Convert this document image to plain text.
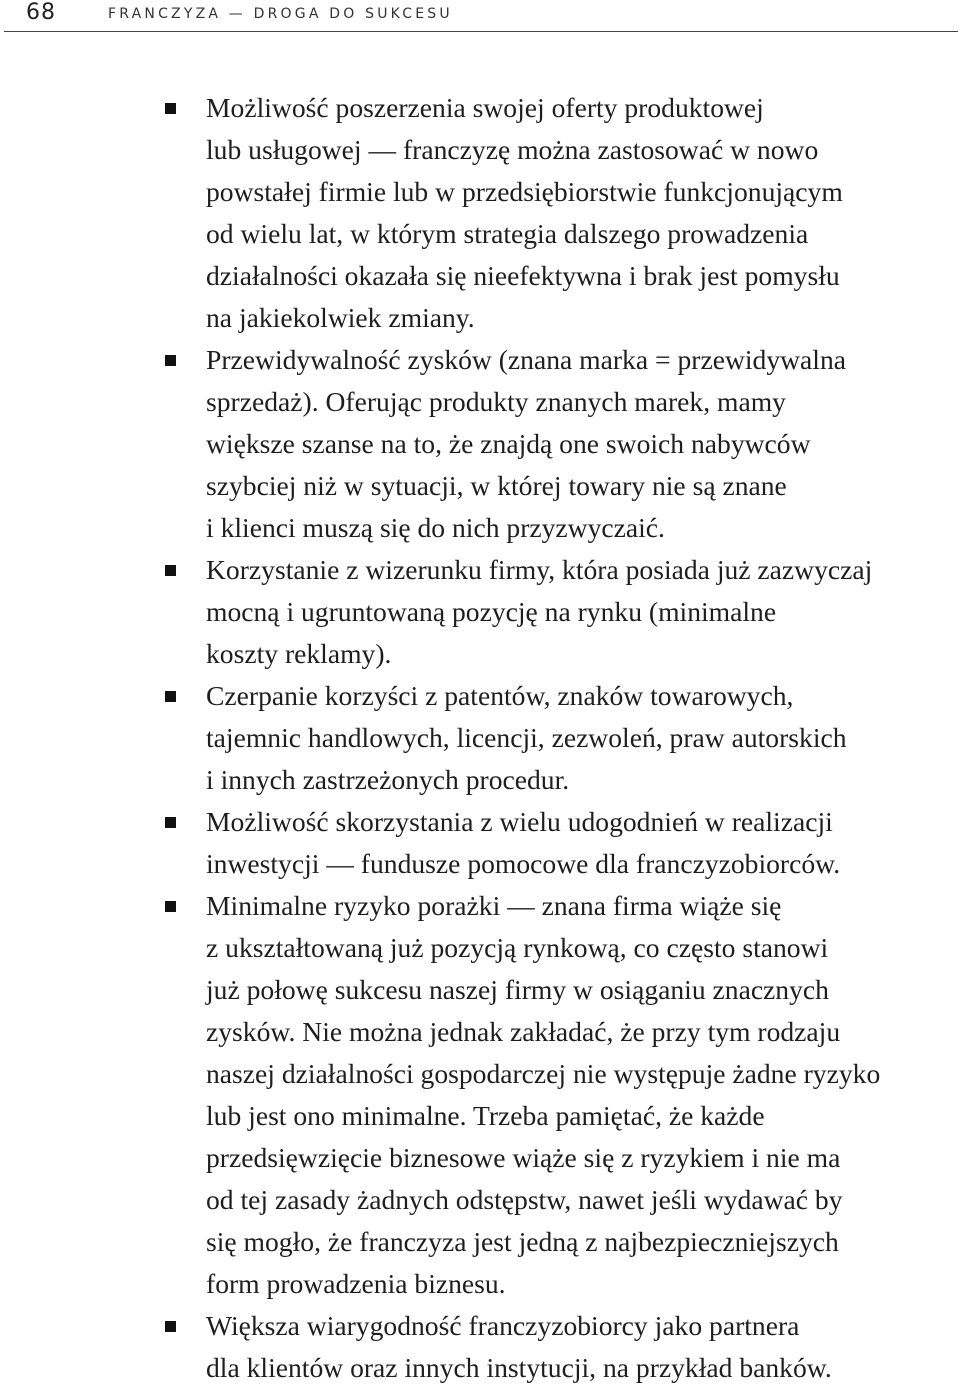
68	FRANCZYZA — DROGA DO SUKCESU
Możliwość poszerzenia swojej oferty produktowej
lub usługowej — franczyzę można zastosować w nowo
powstałej firmie lub w przedsiębiorstwie funkcjonującym
od wielu lat, w którym strategia dalszego prowadzenia
działalności okazała się nieefektywna i brak jest pomysłu
na jakiekolwiek zmiany.
Przewidywalność zysków (znana marka = przewidywalna
sprzedaż). Oferując produkty znanych marek, mamy
większe szanse na to, że znajdą one swoich nabywców
szybciej niż w sytuacji, w której towary nie są znane
i klienci muszą się do nich przyzwyczaić.
Korzystanie z wizerunku firmy, która posiada już zazwyczaj
mocną i ugruntowaną pozycję na rynku (minimalne
koszty reklamy).
Czerpanie korzyści z patentów, znaków towarowych,
tajemnic handlowych, licencji, zezwoleń, praw autorskich
i innych zastrzeżonych procedur.
Możliwość skorzystania z wielu udogodnień w realizacji
inwestycji — fundusze pomocowe dla franczyzobiorców.
Minimalne ryzyko porażki — znana firma wiąże się
z ukształtowaną już pozycją rynkową, co często stanowi
już połowę sukcesu naszej firmy w osiąganiu znacznych
zysków. Nie można jednak zakładać, że przy tym rodzaju
naszej działalności gospodarczej nie występuje żadne ryzyko
lub jest ono minimalne. Trzeba pamiętać, że każde
przedsięwzięcie biznesowe wiąże się z ryzykiem i nie ma
od tej zasady żadnych odstępstw, nawet jeśli wydawać by
się mogło, że franczyza jest jedną z najbezpieczniejszych
form prowadzenia biznesu.
Większa wiarygodność franczyzobiorcy jako partnera
dla klientów oraz innych instytucji, na przykład banków.
